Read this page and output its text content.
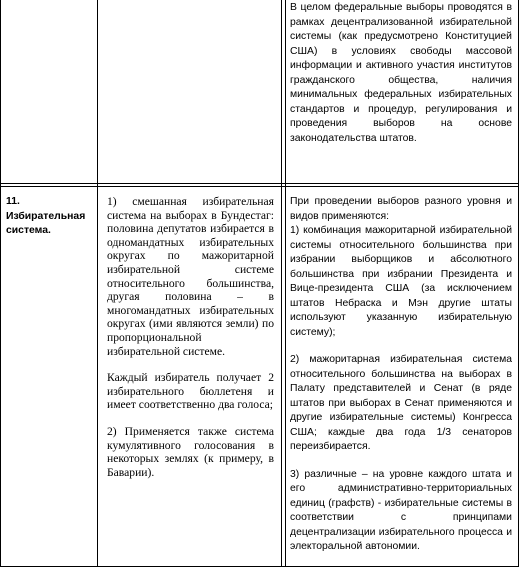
В целом федеральные выборы проводятся в рамках децентрализованной избирательной системы (как предусмотрено Конституцией США) в условиях свободы массовой информации и активного участия институтов гражданского общества, наличия минимальных федеральных избирательных стандартов и процедур, регулирования и проведения выборов на основе законодательства штатов.

11. Избирательная система.

1) смешанная избирательная система на выборах в Бундестаг: половина депутатов избирается в одномандатных избирательных округах по мажоритарной избирательной системе относительного большинства, другая половина – в многомандатных избирательных округах (ими являются земли) по пропорциональной избирательной системе.

Каждый избиратель получает 2 избирательного бюллетеня и имеет соответственно два голоса;

2) Применяется также система кумулятивного голосования в некоторых землях (к примеру, в Баварии).

При проведении выборов разного уровня и видов применяются:

1) комбинация мажоритарной избирательной системы относительного большинства при избрании выборщиков и абсолютного большинства при избрании Президента и Вице-президента США (за исключением штатов Небраска и Мэн другие штаты используют указанную избирательную систему);

2) мажоритарная избирательная система относительного большинства на выборах в Палату представителей и Сенат (в ряде штатов при выборах в Сенат применяются и другие избирательные системы) Конгресса США; каждые два года 1/3 сенаторов переизбирается.

3) различные – на уровне каждого штата и его административно-территориальных единиц (графств) - избирательные системы в соответствии с принципами децентрализации избирательного процесса и электоральной автономии.
